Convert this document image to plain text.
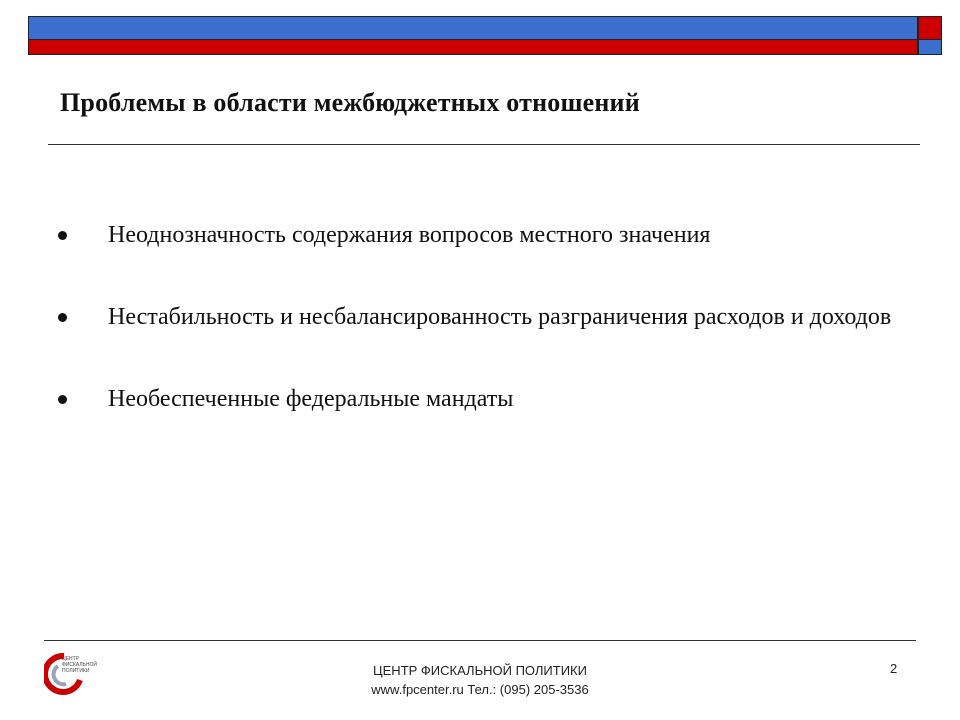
Проблемы в области межбюджетных отношений
Неоднозначность содержания вопросов местного значения
Нестабильность и несбалансированность разграничения расходов и доходов
Необеспеченные федеральные мандаты
ЦЕНТР
ФИСКАЛЬНОЙ
ПОЛИТИКИ	ЦЕНТР ФИСКАЛЬНОЙ ПОЛИТИКИ
www.fpcenter.ru Тел.: (095) 205-3536
2
